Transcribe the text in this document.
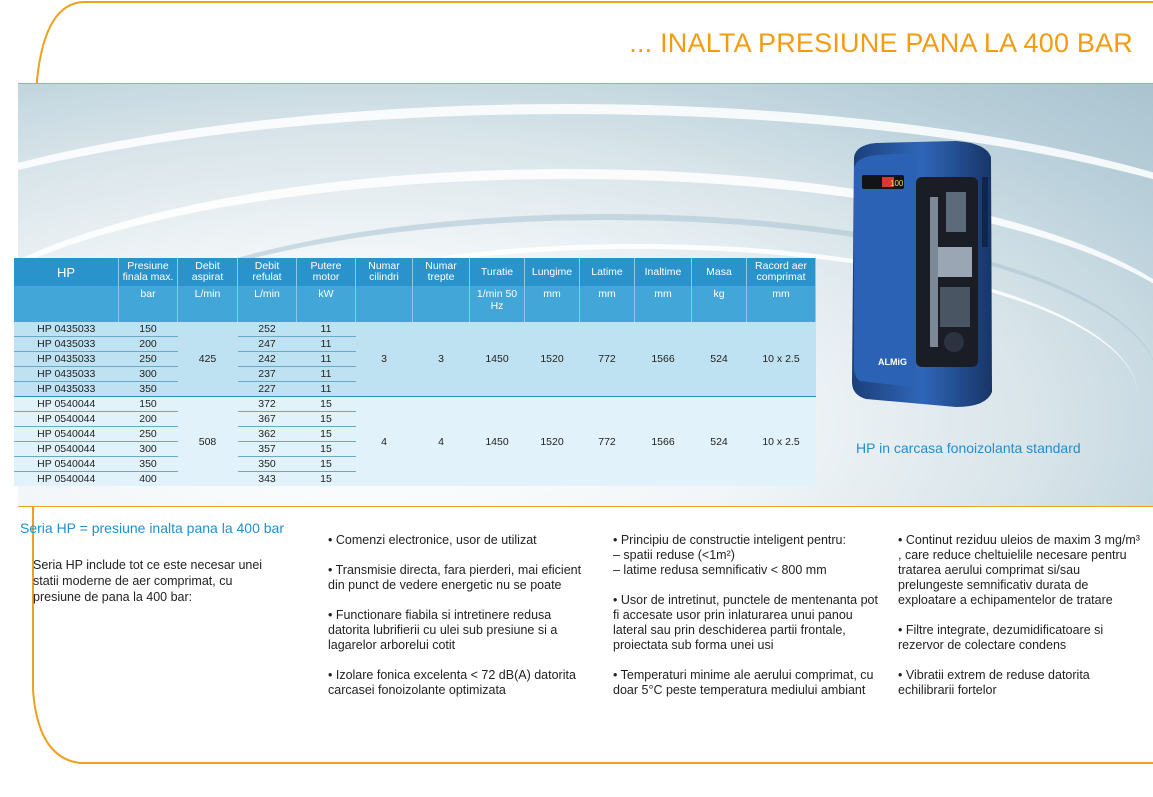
... INALTA PRESIUNE PANA LA 400 BAR
HP	Presiune finala max.	Debit aspirat	Debit refulat	Putere motor	Numar cilindri	Numar trepte	Turatie	Lungime	Latime	Inaltime	Masa	Racord aer comprimat
	bar	L/min	L/min	kW			1/min 50 Hz	mm	mm	mm	kg	mm
HP 0435033	150	425	252	11	3	3	1450	1520	772	1566	524	10 x 2.5
HP 0435033	200		247	11								
HP 0435033	250		242	11								
HP 0435033	300		237	11								
HP 0435033	350		227	11								
HP 0540044	150	508	372	15	4	4	1450	1520	772	1566	524	10 x 2.5
HP 0540044	200		367	15								
HP 0540044	250		362	15								
HP 0540044	300		357	15								
HP 0540044	350		350	15								
HP 0540044	400		343	15								
100
ALMiG
HP in carcasa fonoizolanta standard
Seria HP = presiune inalta pana la 400 bar
Seria HP include tot ce este necesar unei statii moderne de aer comprimat, cu presiune de pana la 400 bar:

• Comenzi electronice, usor de utilizat

• Transmisie directa, fara pierderi, mai eficient din punct de vedere energetic nu se poate

• Functionare fiabila si intretinere redusa datorita lubrifierii cu ulei sub presiune si a lagarelor arborelui cotit

• Izolare fonica excelenta < 72 dB(A) datorita carcasei fonoizolante optimizata

• Principiu de constructie inteligent pentru:

– spatii reduse (<1m²)

– latime redusa semnificativ < 800 mm

• Usor de intretinut, punctele de mentenanta pot fi accesate usor prin inlaturarea unui panou lateral sau prin deschiderea partii frontale, proiectata sub forma unei usi

• Temperaturi minime ale aerului comprimat, cu doar 5°C peste temperatura mediului ambiant

• Continut reziduu uleios de maxim 3 mg/m³ , care reduce cheltuielile necesare pentru tratarea aerului comprimat si/sau prelungeste semnificativ durata de exploatare a echipamentelor de tratare

• Filtre integrate, dezumidificatoare si rezervor de colectare condens

• Vibratii extrem de reduse datorita echilibrarii fortelor
